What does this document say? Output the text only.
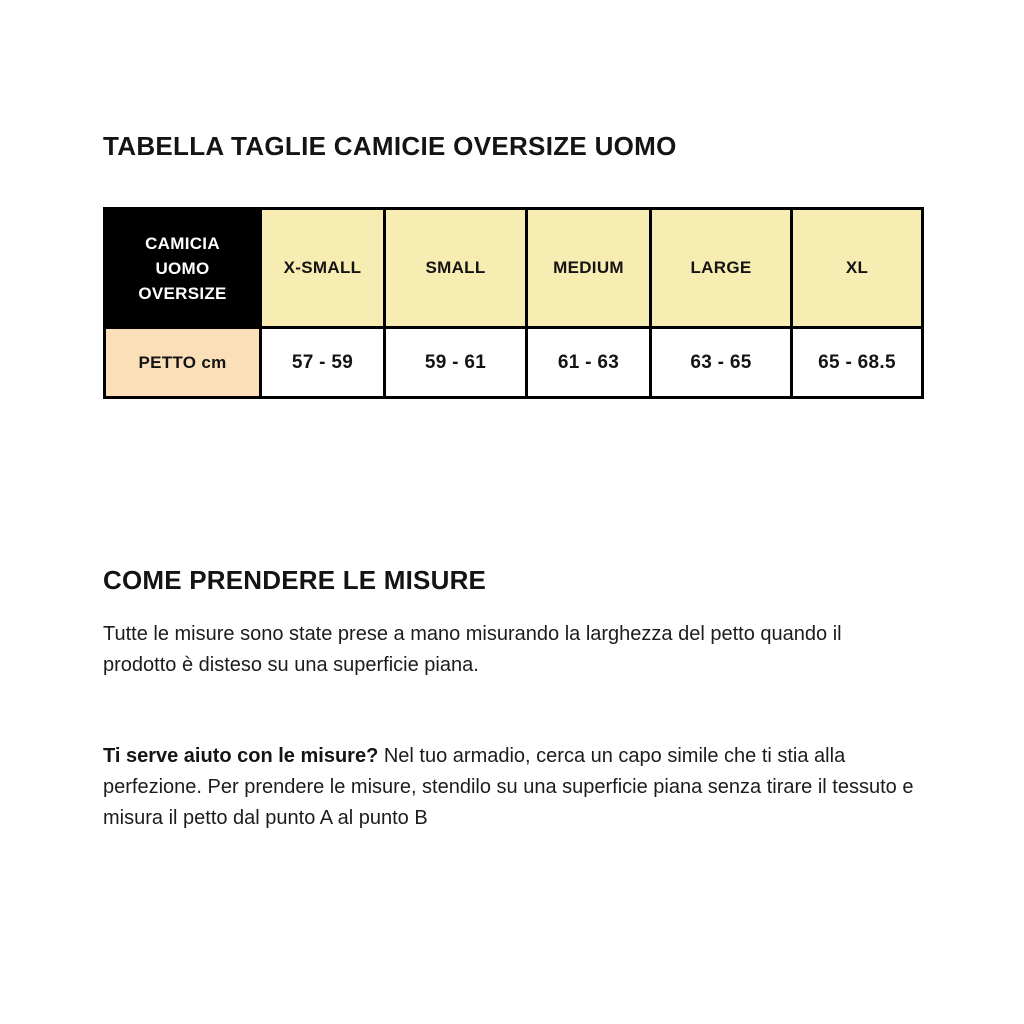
TABELLA TAGLIE CAMICIE OVERSIZE UOMO
CAMICIA UOMO OVERSIZE	X-SMALL	SMALL	MEDIUM	LARGE	XL
PETTO cm	57 - 59	59 - 61	61 - 63	63 - 65	65 - 68.5
COME PRENDERE LE MISURE

Tutte le misure sono state prese a mano misurando la larghezza del petto quando il prodotto è disteso su una superficie piana.

Ti serve aiuto con le misure? Nel tuo armadio, cerca un capo simile che ti stia alla perfezione. Per prendere le misure, stendilo su una superficie piana senza tirare il tessuto e misura il petto dal punto A al punto B
